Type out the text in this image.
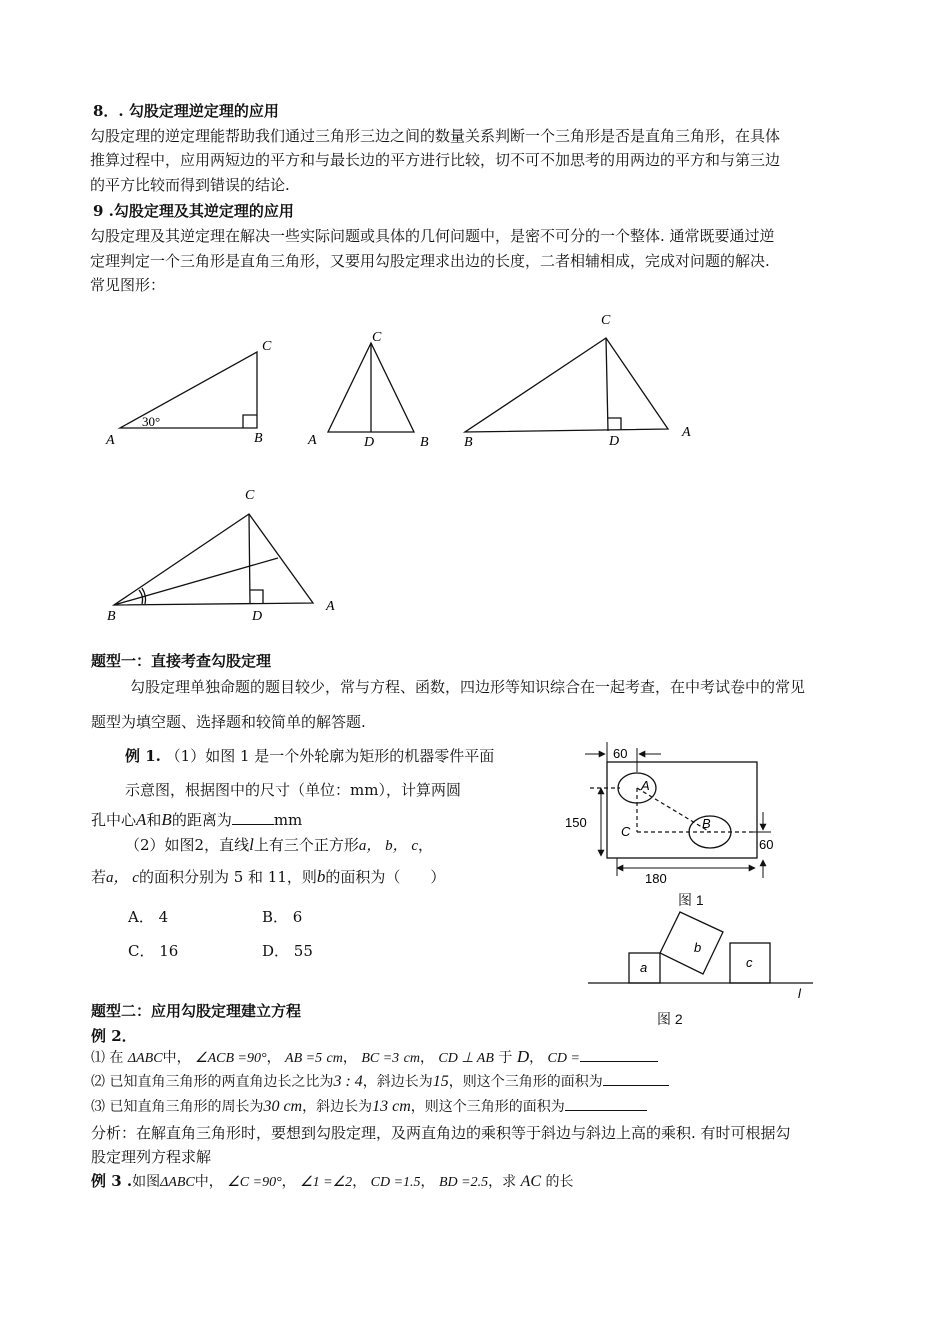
8．. 勾股定理逆定理的应用
勾股定理的逆定理能帮助我们通过三角形三边之间的数量关系判断一个三角形是否是直角三角形，在具体
推算过程中，应用两短边的平方和与最长边的平方进行比较，切不可不加思考的用两边的平方和与第三边
的平方比较而得到错误的结论.
9 .勾股定理及其逆定理的应用
勾股定理及其逆定理在解决一些实际问题或具体的几何问题中，是密不可分的一个整体. 通常既要通过逆
定理判定一个三角形是直角三角形，又要用勾股定理求出边的长度，二者相辅相成，完成对问题的解决.
常见图形：
C
A	B
30°
C
A	D	B
C
B	D
A
C
B	D
A
题型一：直接考查勾股定理
勾股定理单独命题的题目较少，常与方程、函数，四边形等知识综合在一起考查，在中考试卷中的常见
题型为填空题、选择题和较简单的解答题.
例 1. （1）如图 1 是一个外轮廓为矩形的机器零件平面
示意图，根据图中的尺寸（单位：mm），计算两圆
孔中心A和B的距离为	mm
（2）如图2，直线l上有三个正方形a， b， c，
若a， c的面积分别为 5 和 11，则b的面积为（　　）
A． 4	B． 6
C． 16	D． 55
60
150
60
180
A
B
C
图 1
a
b
c
l
图 2
题型二：应用勾股定理建立方程
例 2．
⑴ 在 ΔABC中， ∠ACB =90°， AB =5 cm， BC =3 cm， CD ⊥ AB 于 D， CD =
⑵ 已知直角三角形的两直角边长之比为3 : 4，斜边长为15，则这个三角形的面积为
⑶ 已知直角三角形的周长为30 cm，斜边长为13 cm，则这个三角形的面积为
分析：在解直角三角形时，要想到勾股定理，及两直角边的乘积等于斜边与斜边上高的乘积. 有时可根据勾
股定理列方程求解
例 3 .如图ΔABC中， ∠C =90°， ∠1 =∠2， CD =1.5， BD =2.5，求 AC 的长
